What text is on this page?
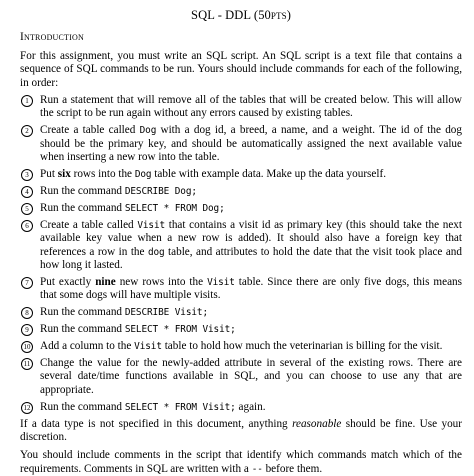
SQL - DDL (50pts)
Introduction

For this assignment, you must write an SQL script. An SQL script is a text file that contains a sequence of SQL commands to be run. Yours should include commands for each of the following, in order:

1	Run a statement that will remove all of the tables that will be created below. This will allow the script to be run again without any errors caused by existing tables.
2	Create a table called Dog with a dog id, a breed, a name, and a weight. The id of the dog should be the primary key, and should be automatically assigned the next available value when inserting a new row into the table.
3	Put six rows into the Dog table with example data. Make up the data yourself.
4	Run the command DESCRIBE Dog;
5	Run the command SELECT * FROM Dog;
6	Create a table called Visit that contains a visit id as primary key (this should take the next available key value when a new row is added). It should also have a foreign key that references a row in the dog table, and attributes to hold the date that the visit took place and how long it lasted.
7	Put exactly nine new rows into the Visit table. Since there are only five dogs, this means that some dogs will have multiple visits.
8	Run the command DESCRIBE Visit;
9	Run the command SELECT * FROM Visit;
10 Add a column to the Visit table to hold how much the veterinarian is billing for the visit.
11 Change the value for the newly-added attribute in several of the existing rows. There are several date/time functions available in SQL, and you can choose to use any that are appropriate.
12 Run the command SELECT * FROM Visit; again.

If a data type is not specified in this document, anything reasonable should be fine. Use your discretion.

You should include comments in the script that identify which commands match which of the requirements. Comments in SQL are written with a -- before them.
